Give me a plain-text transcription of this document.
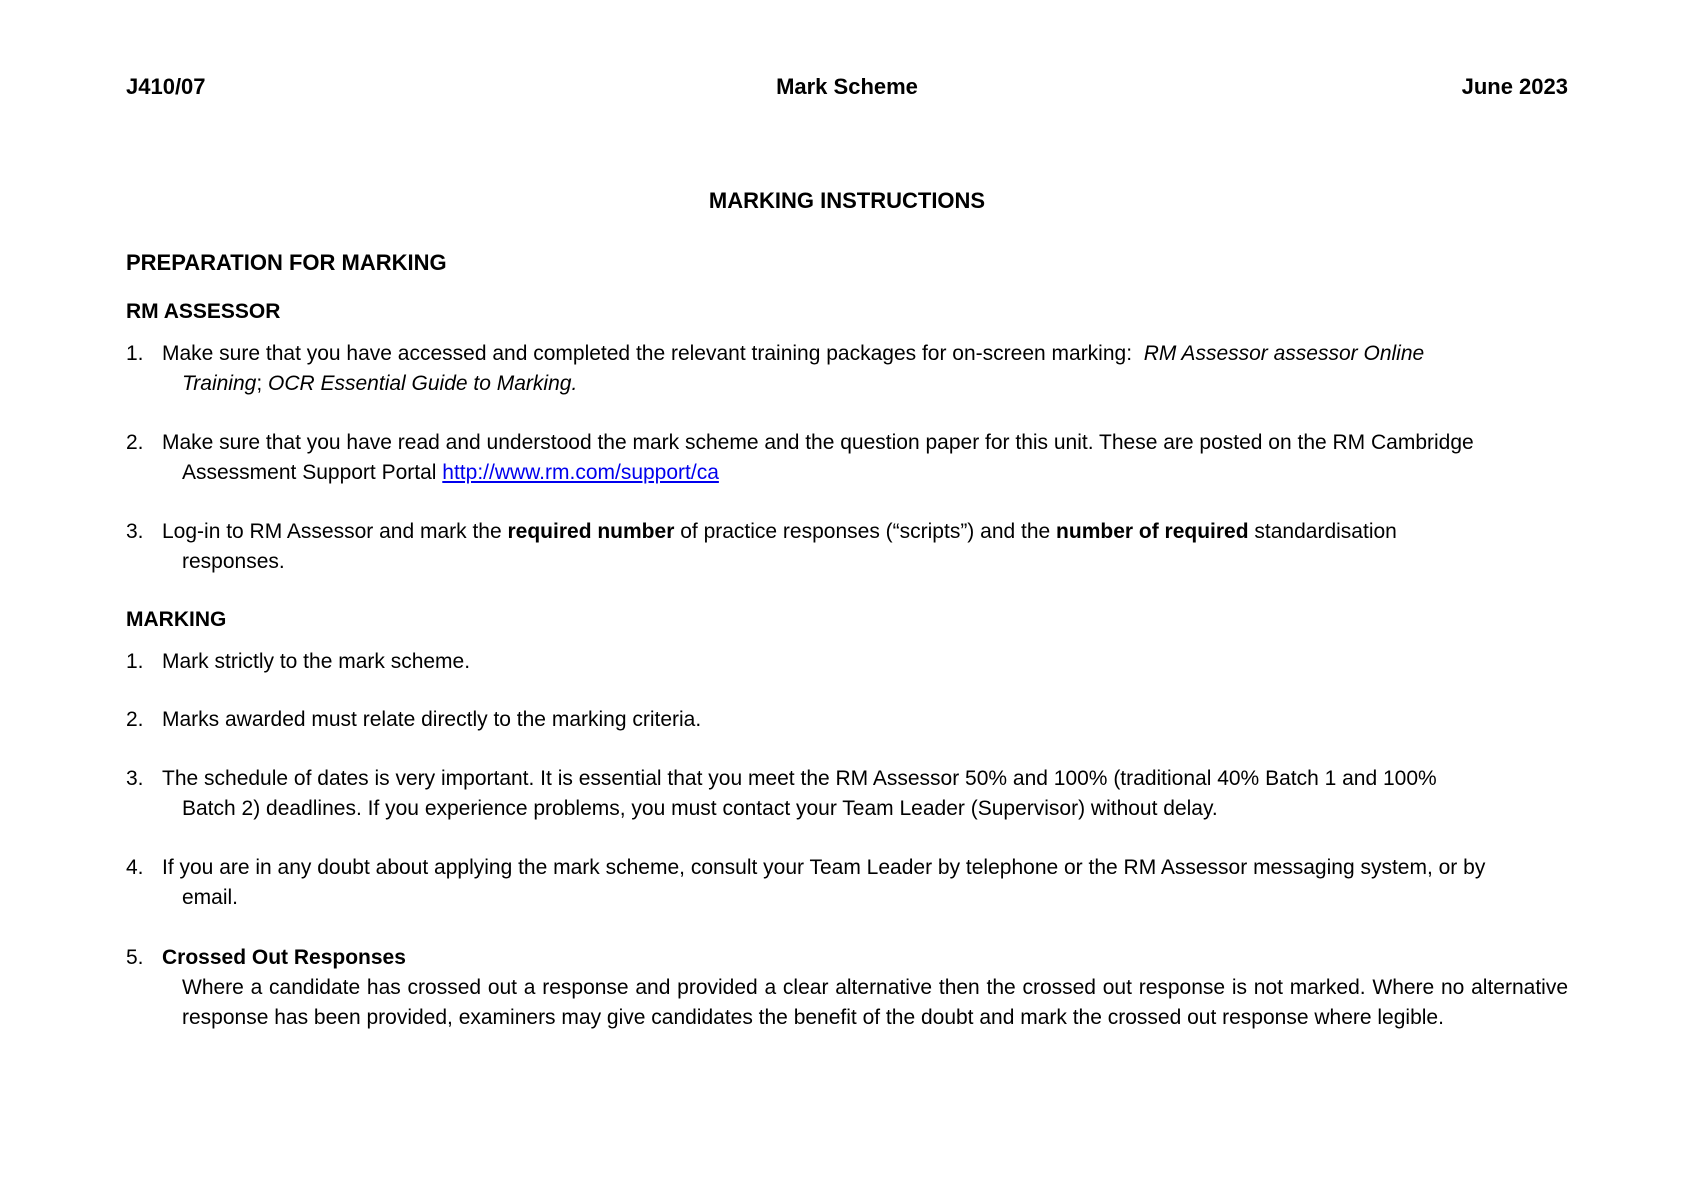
J410/07	Mark Scheme	June 2023
MARKING INSTRUCTIONS
PREPARATION FOR MARKING
RM ASSESSOR
1. Make sure that you have accessed and completed the relevant training packages for on-screen marking: RM Assessor assessor Online
Training; OCR Essential Guide to Marking.
2. Make sure that you have read and understood the mark scheme and the question paper for this unit. These are posted on the RM Cambridge
Assessment Support Portal http://www.rm.com/support/ca
3. Log-in to RM Assessor and mark the required number of practice responses (“scripts”) and the number of required standardisation
responses.
MARKING
1. Mark strictly to the mark scheme.
2. Marks awarded must relate directly to the marking criteria.
3. The schedule of dates is very important. It is essential that you meet the RM Assessor 50% and 100% (traditional 40% Batch 1 and 100%
Batch 2) deadlines. If you experience problems, you must contact your Team Leader (Supervisor) without delay.
4. If you are in any doubt about applying the mark scheme, consult your Team Leader by telephone or the RM Assessor messaging system, or by
email.
5. Crossed Out Responses
Where a candidate has crossed out a response and provided a clear alternative then the crossed out response is not marked. Where no alternative response has been provided, examiners may give candidates the benefit of the doubt and mark the crossed out response where legible.
